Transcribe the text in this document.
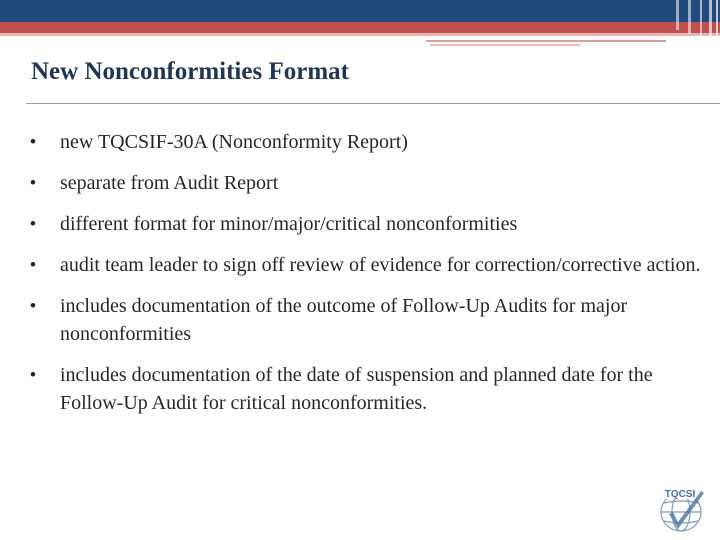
New Nonconformities Format
•	new TQCSIF-30A (Nonconformity Report)
•	separate from Audit Report
•	different format for minor/major/critical nonconformities
•	audit team leader to sign off review of evidence for correction/corrective action.
•	includes documentation of the outcome of Follow-Up Audits for major nonconformities
•	includes documentation of the date of suspension and planned date for the Follow-Up Audit for critical nonconformities.
TQCSI
